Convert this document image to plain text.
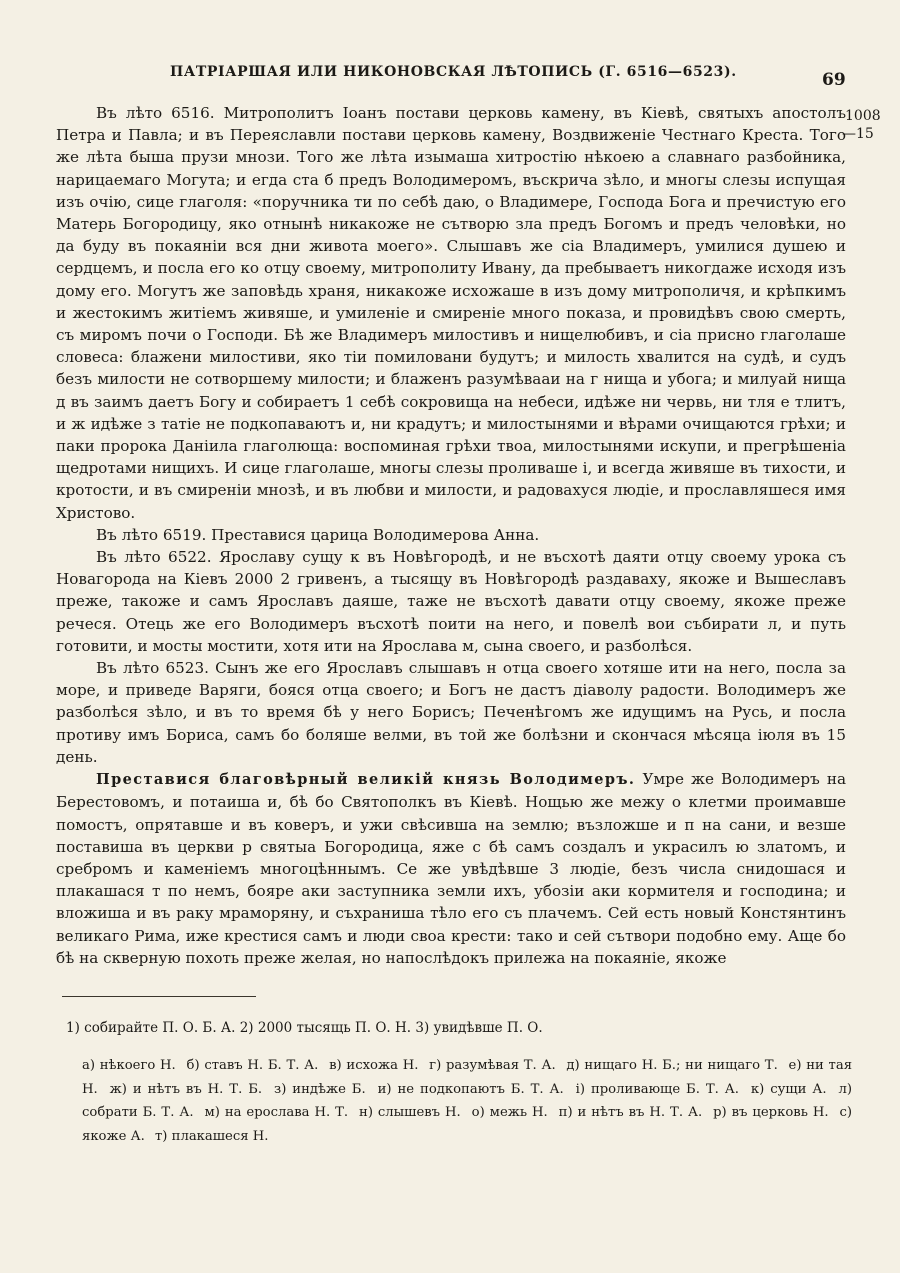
ПАТРІАРШАЯ ИЛИ НИКОНОВСКАЯ ЛѢТОПИСЬ (Г. 6516—6523).	69
1008
—15

Въ лѣто 6516. Митрополитъ Іоанъ постави церковь камену, въ Кіевѣ, святыхъ апостолъ Петра и Павла; и въ Переяславли постави церковь камену, Воздвиженіе Честнаго Креста. Того же лѣта быша прузи мнози. Того же лѣта изымаша хитростію нѣкоею а славнаго разбойника, нарицаемаго Могута; и егда ста б предъ Володимеромъ, въскрича зѣло, и многы слезы испущая изъ очію, сице глаголя: «поручника ти по себѣ даю, о Владимере, Господа Бога и пречистую его Матерь Богородицу, яко отнынѣ никакоже не сътворю зла предъ Богомъ и предъ человѣки, но да буду въ покаяніи вся дни живота моего». Слышавъ же сіа Владимеръ, умилися душею и сердцемъ, и посла его ко отцу своему, митрополиту Ивану, да пребываетъ никогдаже исходя изъ дому его. Могутъ же заповѣдь храня, никакоже исхожаше в изъ дому митрополичя, и крѣпкимъ и жестокимъ житіемъ живяше, и умиленіе и смиреніе много показа, и провидѣвъ свою смерть, съ миромъ почи о Господи. Бѣ же Владимеръ милостивъ и нищелюбивъ, и сіа присно глаголаше словеса: блажени милостиви, яко тіи помиловани будутъ; и милость хвалится на судѣ, и судъ безъ милости не сотворшему милости; и блаженъ разумѣвааи на г нища и убога; и милуай нища д въ заимъ даетъ Богу и собираетъ 1 себѣ сокровища на небеси, идѣже ни червь, ни тля е тлитъ, и ж идѣже з татіе не подкопаваютъ и, ни крадутъ; и милостынями и вѣрами очищаются грѣхи; и паки пророка Даніила глаголюща: воспоминая грѣхи твоа, милостынями искупи, и прегрѣшеніа щедротами нищихъ. И сице глаголаше, многы слезы проливаше і, и всегда живяше въ тихости, и кротости, и въ смиреніи мнозѣ, и въ любви и милости, и радовахуся людіе, и прославляшеся имя Христово.

Въ лѣто 6519. Преставися царица Володимерова Анна.

Въ лѣто 6522. Ярославу сущу к въ Новѣгородѣ, и не въсхотѣ даяти отцу своему урока съ Новагорода на Кіевъ 2000 2 гривенъ, а тысящу въ Новѣгородѣ раздаваху, якоже и Вышеславъ преже, такоже и самъ Ярославъ даяше, таже не въсхотѣ давати отцу своему, якоже преже речеся. Отець же его Володимеръ въсхотѣ поити на него, и повелѣ вои събирати л, и путь готовити, и мосты мостити, хотя ити на Ярослава м, сына своего, и разболѣся.

Въ лѣто 6523. Сынъ же его Ярославъ слышавъ н отца своего хотяше ити на него, посла за море, и приведе Варяги, бояся отца своего; и Богъ не дастъ діаволу радости. Володимеръ же разболѣся зѣло, и въ то время бѣ у него Борисъ; Печенѣгомъ же идущимъ на Русь, и посла противу имъ Бориса, самъ бо боляше велми, въ той же болѣзни и скончася мѣсяца іюля въ 15 день.

Преставися благовѣрный великій князь Володимеръ. Умре же Володимеръ на Берестовомъ, и потаиша и, бѣ бо Святополкъ въ Кіевѣ. Нощью же межу о клетми проимавше помостъ, опрятавше и въ коверъ, и ужи свѣсивша на землю; възложше и п на сани, и везше поставиша въ церкви р святыа Богородица, яже с бѣ самъ создалъ и украсилъ ю златомъ, и сребромъ и каменіемъ многоцѣннымъ. Се же увѣдѣвше 3 людіе, безъ числа снидошася и плакашася т по немъ, бояре аки заступника земли ихъ, убозіи аки кормителя и господина; и вложиша и въ раку мраморяну, и съхраниша тѣло его съ плачемъ. Сей есть новый Констянтинъ великаго Рима, иже крестися самъ и люди своа крести: тако и сей сътвори подобно ему. Аще бо бѣ на скверную похоть преже желая, но напослѣдокъ прилежа на покаяніе, якоже

1) собирайте П. О. Б. А. 2) 2000 тысящь П. О. Н. 3) увидѣвше П. О.
а) нѣкоего Н. б) ставъ Н. Б. Т. А. в) исхожа Н. г) разумѣвая Т. А. д) нищаго Н. Б.; ни нищаго Т. е) ни тая Н. ж) и нѣтъ въ Н. Т. Б. з) индѣже Б. и) не подкопаютъ Б. Т. А. і) проливающе Б. Т. А. к) сущи А. л) собрати Б. Т. А. м) на ерослава Н. Т. н) слышевъ Н. о) межь Н. п) и нѣтъ въ Н. Т. А. р) въ церковь Н. с) якоже А. т) плакашеся Н.
